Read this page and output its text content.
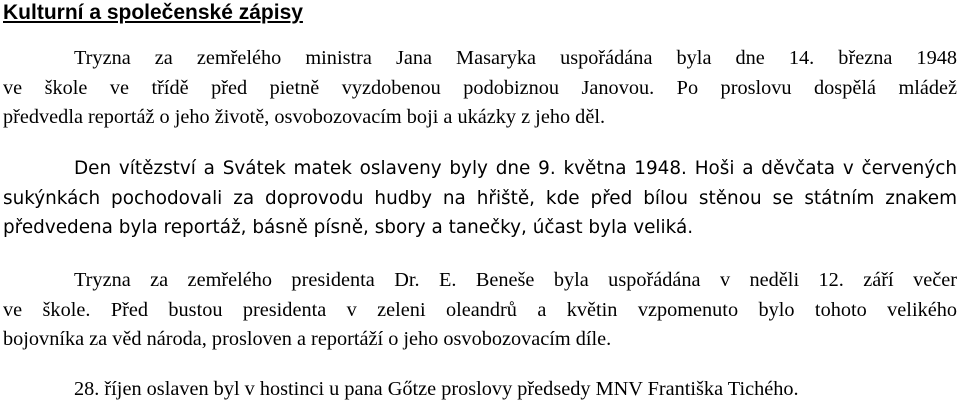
Kulturní a společenské zápisy
Tryzna za zemřelého ministra Jana Masaryka uspořádána byla dne 14. března 1948
ve škole ve třídě před pietně vyzdobenou podobiznou Janovou. Po proslovu dospělá mládež
předvedla reportáž o jeho životě, osvobozovacím boji a ukázky z jeho děl.
Den vítězství a Svátek matek oslaveny byly dne 9. května 1948. Hoši a děvčata v červených
sukýnkách pochodovali za doprovodu hudby na hřiště, kde před bílou stěnou se státním znakem
předvedena byla reportáž, básně písně, sbory a tanečky, účast byla veliká.
Tryzna za zemřelého presidenta Dr. E. Beneše byla uspořádána v neděli 12. září večer
ve škole. Před bustou presidenta v zeleni oleandrů a květin vzpomenuto bylo tohoto velikého
bojovníka za věd národa, prosloven a reportáží o jeho osvobozovacím díle.
28. říjen oslaven byl v hostinci u pana Gőtze proslovy předsedy MNV Františka Tichého.
